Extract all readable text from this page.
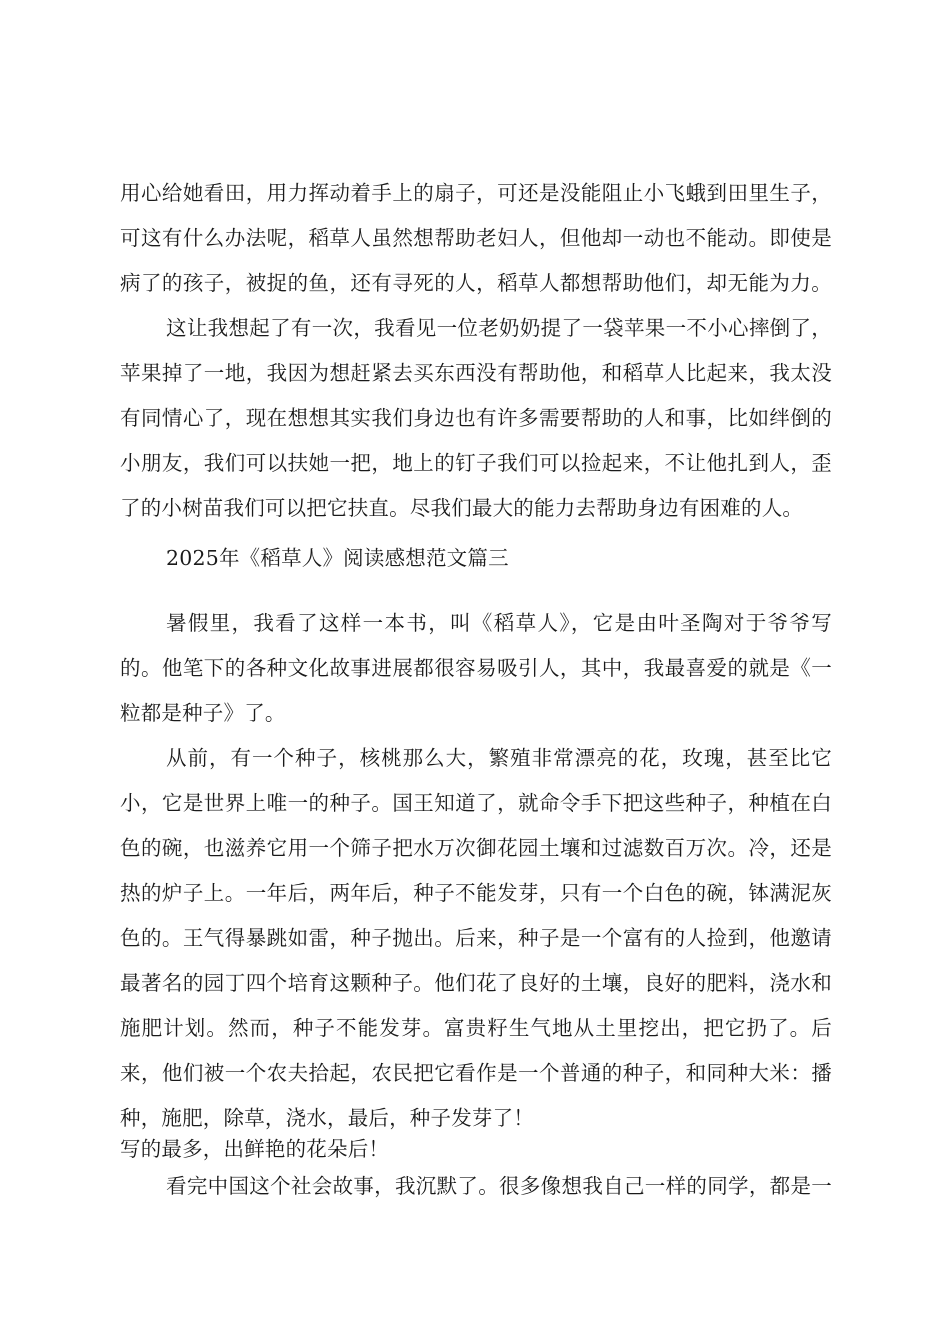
用心给她看田，用力挥动着手上的扇子，可还是没能阻止小飞蛾到田里生子，
可这有什么办法呢，稻草人虽然想帮助老妇人，但他却一动也不能动。即使是
病了的孩子，被捉的鱼，还有寻死的人，稻草人都想帮助他们，却无能为力。
这让我想起了有一次，我看见一位老奶奶提了一袋苹果一不小心摔倒了，
苹果掉了一地，我因为想赶紧去买东西没有帮助他，和稻草人比起来，我太没
有同情心了，现在想想其实我们身边也有许多需要帮助的人和事，比如绊倒的
小朋友，我们可以扶她一把，地上的钉子我们可以捡起来，不让他扎到人，歪
了的小树苗我们可以把它扶直。尽我们最大的能力去帮助身边有困难的人。
2025年《稻草人》阅读感想范文篇三
暑假里，我看了这样一本书，叫《稻草人》，它是由叶圣陶对于爷爷写
的。他笔下的各种文化故事进展都很容易吸引人，其中，我最喜爱的就是《一
粒都是种子》了。
从前，有一个种子，核桃那么大，繁殖非常漂亮的花，玫瑰，甚至比它
小，它是世界上唯一的种子。国王知道了，就命令手下把这些种子，种植在白
色的碗，也滋养它用一个筛子把水万次御花园土壤和过滤数百万次。冷，还是
热的炉子上。一年后，两年后，种子不能发芽，只有一个白色的碗，钵满泥灰
色的。王气得暴跳如雷，种子抛出。后来，种子是一个富有的人捡到，他邀请
最著名的园丁四个培育这颗种子。他们花了良好的土壤，良好的肥料，浇水和
施肥计划。然而，种子不能发芽。富贵籽生气地从土里挖出，把它扔了。后
来，他们被一个农夫拾起，农民把它看作是一个普通的种子，和同种大米：播
种，施肥，除草，浇水，最后，种子发芽了！
写的最多，出鲜艳的花朵后！
看完中国这个社会故事，我沉默了。很多像想我自己一样的同学，都是一
